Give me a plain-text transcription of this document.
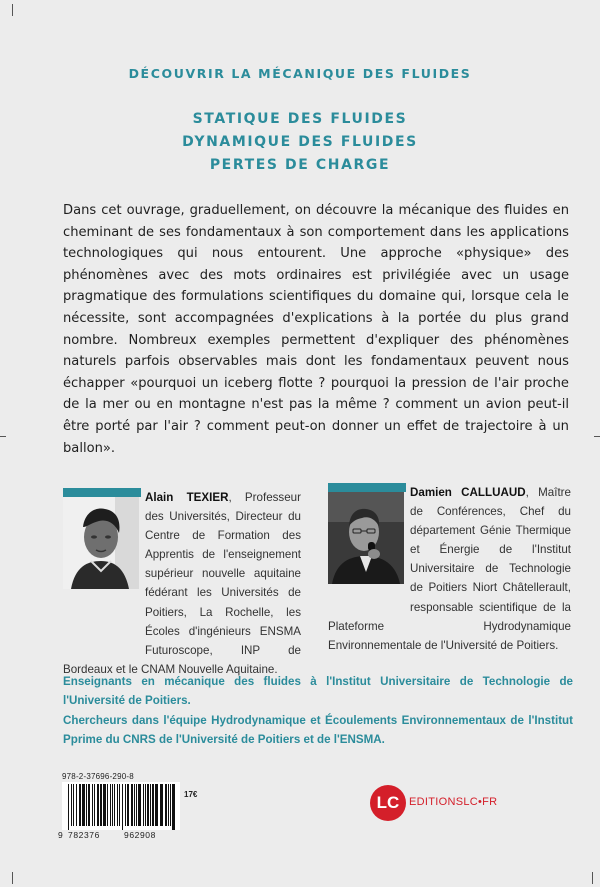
DÉCOUVRIR LA MÉCANIQUE DES FLUIDES
STATIQUE DES FLUIDES
DYNAMIQUE DES FLUIDES
PERTES DE CHARGE

Dans cet ouvrage, graduellement, on découvre la mécanique des fluides en cheminant de ses fondamentaux à son comportement dans les applications technologiques qui nous entourent. Une approche «physique» des phénomènes avec des mots ordinaires est privilégiée avec un usage pragmatique des formulations scientifiques du domaine qui, lorsque cela le nécessite, sont accompagnées d'explications à la portée du plus grand nombre. Nombreux exemples permettent d'expliquer des phénomènes naturels parfois observables mais dont les fondamentaux peuvent nous échapper «pourquoi un iceberg flotte ? pourquoi la pression de l'air proche de la mer ou en montagne n'est pas la même ? comment un avion peut-il être porté par l'air ? comment peut-on donner un effet de trajectoire à un ballon».

Alain TEXIER, Professeur des Universités, Directeur du Centre de Formation des Apprentis de l'enseignement supérieur nouvelle aquitaine fédérant les Universités de Poitiers, La Rochelle, les Écoles d'ingénieurs ENSMA Futuroscope, INP de Bordeaux et le CNAM Nouvelle Aquitaine.
Damien CALLUAUD, Maître de Conférences, Chef du département Génie Thermique et Énergie de l'Institut Universitaire de Technologie de Poitiers Niort Châtellerault, responsable scientifique de la Plateforme Hydrodynamique Environnementale de l'Université de Poitiers.

Enseignants en mécanique des fluides à l'Institut Universitaire de Technologie de l'Université de Poitiers.

Chercheurs dans l'équipe Hydrodynamique et Écoulements Environnementaux de l'Institut Pprime du CNRS de l'Université de Poitiers et de l'ENSMA.

978-2-37696-290-8
9 782376	962908
17€	LC EDITIONSLC•FR
